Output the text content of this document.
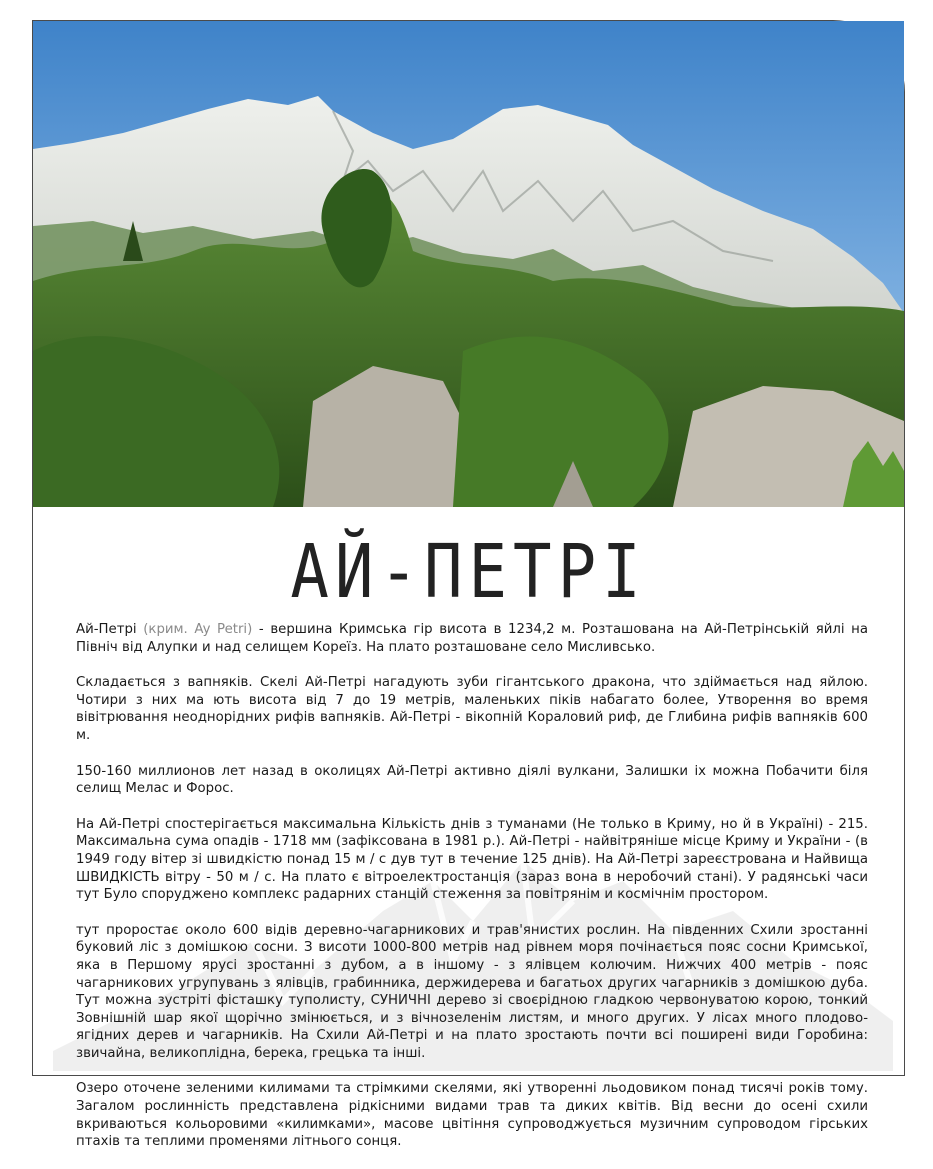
АЙ-ПЕТРІ

Ай-Петрі (крим. Ay Petri) - вершина Кримська гір висота в 1234,2 м. Розташована на Ай-Петрінській яйлі на Північ від Алупки и над селищем Кореїз. На плато розташоване село Мисливсько.

Складається з вапняків. Скелі Ай-Петрі нагадують зуби гігантського дракона, что здіймається над яйлою. Чотири з них ма ють висота від 7 до 19 метрів, маленьких піків набагато более, Утворення во время вівітрювання неоднорідних рифів вапняків. Ай-Петрі - вікопній Кораловий риф, де Глибина рифів вапняків 600 м.

150-160 миллионов лет назад в околицях Ай-Петрі активно діялі вулкани, Залишки іх можна Побачити біля селищ Мелас и Форос.

На Ай-Петрі спостерігається максимальна Кількість днів з туманами (Не только в Криму, но й в Україні) - 215. Максимальна сума опадів - 1718 мм (зафіксована в 1981 р.). Ай-Петрі - найвітряніше місце Криму и України - (в 1949 году вітер зі швидкістю понад 15 м / с дув тут в течение 125 днів). На Ай-Петрі зареєстрована и Найвища ШВИДКІСТЬ вітру - 50 м / с. На плато є вітроелектростанція (зараз вона в неробочий стані). У радянські часи тут Було споруджено комплекс радарних станцій стеження за повітрянім и космічнім простором.

тут проростає около 600 відів деревно-чагарникових и трав'янистих рослин. На південних Схили зростанні буковий ліс з домішкою сосни. З висоти 1000-800 метрів над рівнем моря почінається пояс сосни Кримської, яка в Першому ярусі зростанні з дубом, а в іншому - з ялівцем колючим. Нижчих 400 метрів - пояс чагарникових угрупувань з ялівців, грабинника, держидерева и багатьох других чагарників з домішкою дуба. Тут можна зустріті фісташку туполисту, СУНИЧНІ дерево зі своєрідною гладкою червонуватою корою, тонкий Зовнішній шар якої щорічно змінюється, и з вічнозеленім листям, и много других. У лісах много плодово-ягідних дерев и чагарників. На Схили Ай-Петрі и на плато зростають почти всі поширені види Горобина: звичайна, великоплідна, берека, грецька та інші.

Озеро оточене зеленими килимами та стрімкими скелями, які утворенні льодовиком понад тисячі років тому. Загалом рослинність представлена рідкісними видами трав та диких квітів. Від весни до осені схили вкриваються кольоровими «килимками», масове цвітіння супроводжується музичним супроводом гірських птахів та теплими променями літнього сонця.
